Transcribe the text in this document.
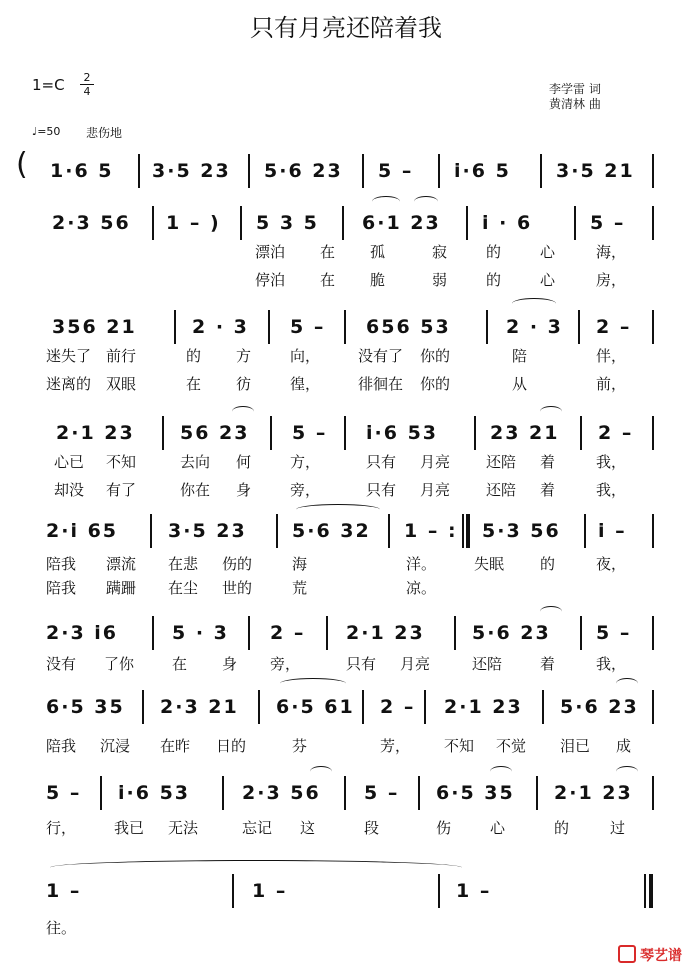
只有月亮还陪着我
1=C	2
4	李学雷 词
黄清林 曲
♩=50 悲伤地
( 1·6 5 3·5 23 5·6 23 5 – i·6 5 3·5 21
2·3 56 1 – ) 5 3 5 6·1 23 i · 6	5 –
漂泊 在 孤	寂	的	心	海，
停泊 在 脆	弱	的	心	房，
356 21	2 · 3 5 – 656 53	2 · 3 2 –
迷失了 前行	的 方	向，	没有了 你的	陪	伴，
迷离的 双眼	在 彷	徨，	徘徊在 你的	从	前，
2·1 23 56 23 5 – i·6 53	23 21 2 –
心已 不知	去向 何	方，	只有 月亮 还陪 着	我，
却没 有了	你在 身	旁，	只有 月亮 还陪 着	我，
2·i 65	3·5 23 5·6 32 1 – : 5·3 56 i –
陪我 漂流 在悲 伤的	海	洋。	失眠 的	夜，
陪我 蹒跚 在尘 世的	荒	凉。
2·3 i6	5 · 3 2 – 2·1 23 5·6 23 5 –
没有 了你	在 身 旁，	只有 月亮	还陪	着	我，
6·5 35 2·3 21 6·5 61 2 – 2·1 23 5·6 23
陪我 沉浸 在昨 日的	芬	芳， 不知 不觉 泪已 成
5 – i·6 53	2·3 56 5 – 6·5 35 2·1 23
行，	我已 无法	忘记 这	段	伤	心	的	过
1 –	1 –	1 –
往。
琴艺谱
